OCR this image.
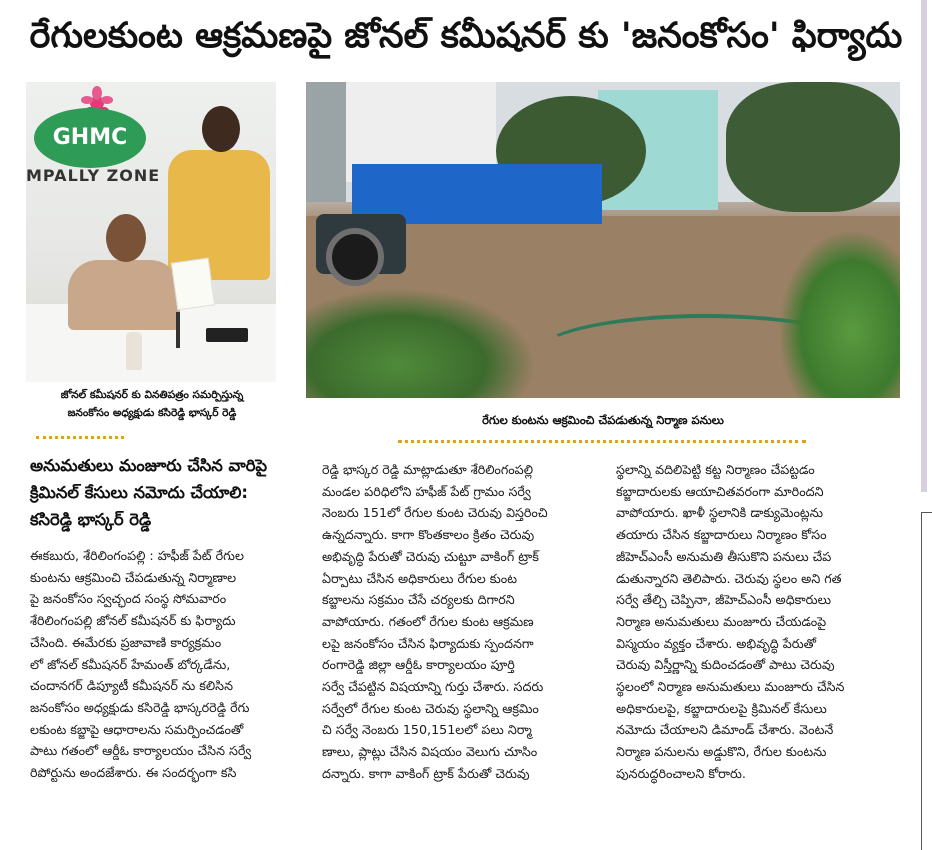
రేగులకుంట ఆక్రమణపై జోనల్ కమీషనర్ కు 'జనంకోసం' ఫిర్యాదు
GHMC
MPALLY ZONE
జోనల్ కమీషనర్ కు వినతిపత్రం సమర్పిస్తున్న
జనంకోసం అధ్యక్షుడు కసిరెడ్డి భాస్కర్ రెడ్డి	రేగుల కుంటను ఆక్రమించి చేపడుతున్న నిర్మాణ పనులు
అనుమతులు మంజూరు చేసిన వారిపై
క్రిమినల్ కేసులు నమోదు చేయాలి:
కసిరెడ్డి భాస్కర్ రెడ్డి
ఈకబురు, శేరిలింగంపల్లి : హఫీజ్ పేట్ రేగుల
కుంటను ఆక్రమించి చేపడుతున్న నిర్మాణాల
పై జనంకోసం స్వచ్ఛంద సంస్థ సోమవారం
శేరిలింగంపల్లి జోనల్ కమీషనర్ కు ఫిర్యాదు
చేసింది. ఈమేరకు ప్రజావాణి కార్యక్రమం
లో జోనల్ కమీషనర్ హేమంత్ బోర్కడేను,
చందానగర్ డిప్యూటీ కమీషనర్ ను కలిసిన
జనంకోసం అధ్యక్షుడు కసిరెడ్డి భాస్కరరెడ్డి రేగు
లకుంట కబ్జాపై ఆధారాలను సమర్పించడంతో
పాటు గతంలో ఆర్డీఓ కార్యాలయం చేసిన సర్వే
రిపోర్టును అందజేశారు. ఈ సందర్భంగా కసి
రెడ్డి భాస్కర రెడ్డి మాట్లాడుతూ శేరిలింగంపల్లి
మండల పరిధిలోని హఫీజ్ పేట్ గ్రామం సర్వే
నెంబరు 151లో రేగుల కుంట చెరువు విస్తరించి
ఉన్నదన్నారు. కాగా కొంతకాలం క్రితం చెరువు
అభివృద్ధి పేరుతో చెరువు చుట్టూ వాకింగ్ ట్రాక్
ఏర్పాటు చేసిన అధికారులు రేగుల కుంట
కబ్జాలను సక్రమం చేసే చర్యలకు దిగారని
వాపోయారు. గతంలో రేగుల కుంట ఆక్రమణ
లపై జనంకోసం చేసిన ఫిర్యాదుకు స్పందనగా
రంగారెడ్డి జిల్లా ఆర్డీఓ కార్యాలయం పూర్తి
సర్వే చేపట్టిన విషయాన్ని గుర్తు చేశారు. సదరు
సర్వేలో రేగుల కుంట చెరువు స్థలాన్ని ఆక్రమిం
చి సర్వే నెంబరు 150,151లలో పలు నిర్మా
ణాలు, ప్లాట్లు చేసిన విషయం వెలుగు చూసిం
దన్నారు. కాగా వాకింగ్ ట్రాక్ పేరుతో చెరువు
స్థలాన్ని వదిలిపెట్టి కట్ట నిర్మాణం చేపట్టడం
కబ్జాదారులకు ఆయాచితవరంగా మారిందని
వాపోయారు. ఖాళీ స్థలానికి డాక్యుమెంట్లను
తయారు చేసిన కబ్జాదారులు నిర్మాణం కోసం
జీహెచ్ఎంసీ అనుమతి తీసుకొని పనులు చేప
డుతున్నారని తెలిపారు. చెరువు స్థలం అని గత
సర్వే తేల్చి చెప్పినా, జీహెచ్ఎంసీ అధికారులు
నిర్మాణ అనుమతులు మంజూరు చేయడంపై
విస్మయం వ్యక్తం చేశారు. అభివృద్ధి పేరుతో
చెరువు విస్తీర్ణాన్ని కుదించడంతో పాటు చెరువు
స్థలంలో నిర్మాణ అనుమతులు మంజూరు చేసిన
అధికారులపై, కబ్జాదారులపై క్రిమినల్ కేసులు
నమోదు చేయాలని డిమాండ్ చేశారు. వెంటనే
నిర్మాణ పనులను అడ్డుకొని, రేగుల కుంటను
పునరుద్ధరించాలని కోరారు.
